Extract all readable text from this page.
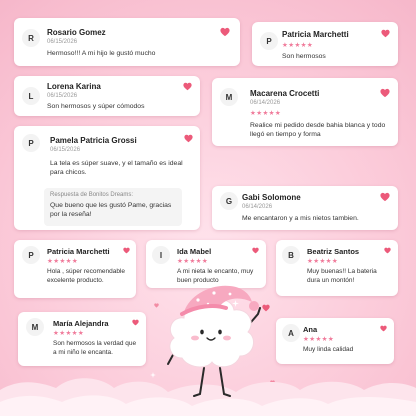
R
Rosario Gomez
06/15/2026
Hermoso!!! A mi hijo le gustó mucho
P
Patricia Marchetti
★★★★★
Son hermosos
L
Lorena Karina
06/15/2026
Son hermosos y súper cómodos
M	Macarena Crocetti
06/14/2026
★★★★★
Realice mi pedido desde bahia blanca y todo llegó en tiempo y forma
P	Pamela Patricia Grossi
06/15/2026
La tela es súper suave, y el tamaño es ideal para chicos.
Respuesta de Bonitos Dreams:
Que bueno que les gustó Pame, gracias por la reseña!
G	Gabi Solomone
06/14/2026
Me encantaron y a mis nietos tambien.
P	Patricia Marchetti
★★★★★
Hola , súper recomendable excelente producto.
I	Ida Mabel
★★★★★
A mi nieta le encanto, muy buen producto
B	Beatriz Santos
★★★★★
Muy buenas!! La bateria dura un montón!
M	María Alejandra
★★★★★
Son hermosos la verdad que a mi niño le encanta.
A	Ana
★★★★★
Muy linda calidad
